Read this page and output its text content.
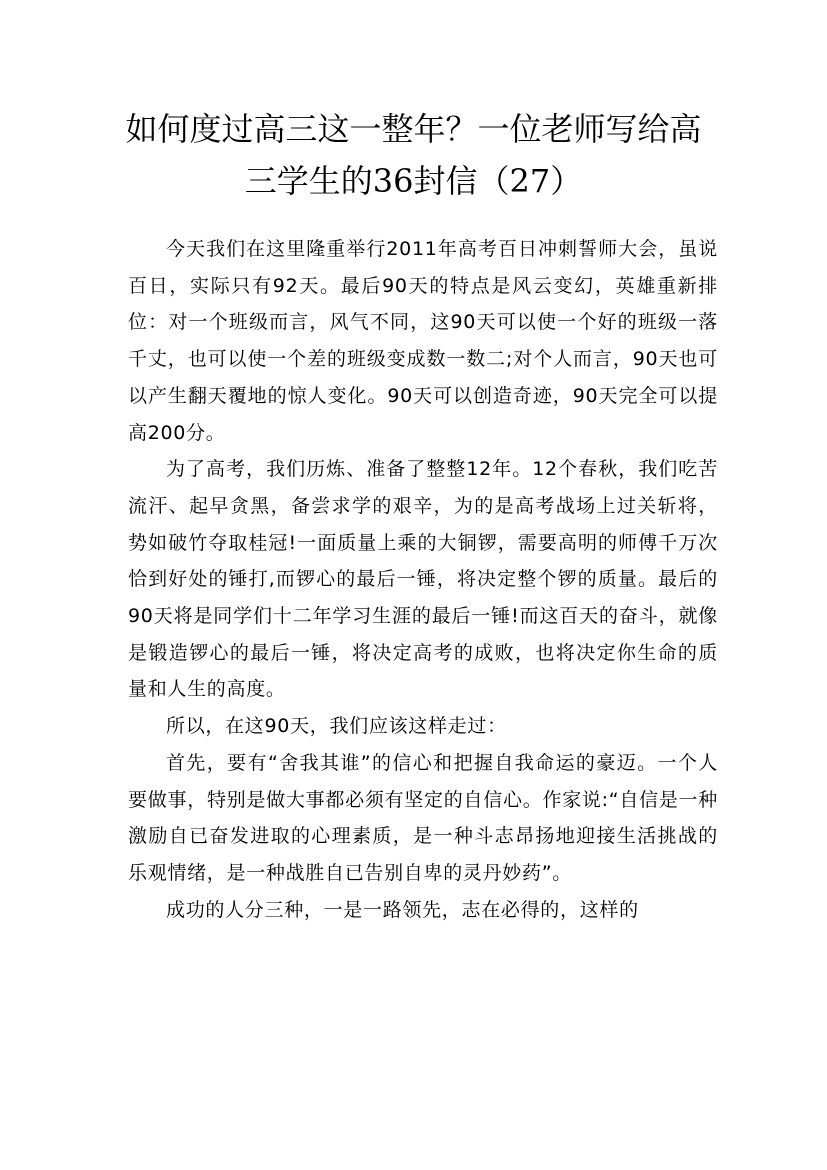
如何度过高三这一整年？一位老师写给高
三学生的36封信（27）

今天我们在这里隆重举行2011年高考百日冲刺誓师大会，虽说百日，实际只有92天。最后90天的特点是风云变幻，英雄重新排位：对一个班级而言，风气不同，这90天可以使一个好的班级一落千丈，也可以使一个差的班级变成数一数二;对个人而言，90天也可以产生翻天覆地的惊人变化。90天可以创造奇迹，90天完全可以提高200分。

为了高考，我们历炼、准备了整整12年。12个春秋，我们吃苦流汗、起早贪黑，备尝求学的艰辛，为的是高考战场上过关斩将，势如破竹夺取桂冠!一面质量上乘的大铜锣，需要高明的师傅千万次恰到好处的锤打,而锣心的最后一锤，将决定整个锣的质量。最后的90天将是同学们十二年学习生涯的最后一锤!而这百天的奋斗，就像是锻造锣心的最后一锤，将决定高考的成败，也将决定你生命的质量和人生的高度。

所以，在这90天，我们应该这样走过：

首先，要有“舍我其谁”的信心和把握自我命运的豪迈。一个人要做事，特别是做大事都必须有坚定的自信心。作家说:“自信是一种激励自已奋发进取的心理素质，是一种斗志昂扬地迎接生活挑战的乐观情绪，是一种战胜自已告别自卑的灵丹妙药”。

成功的人分三种，一是一路领先，志在必得的，这样的
